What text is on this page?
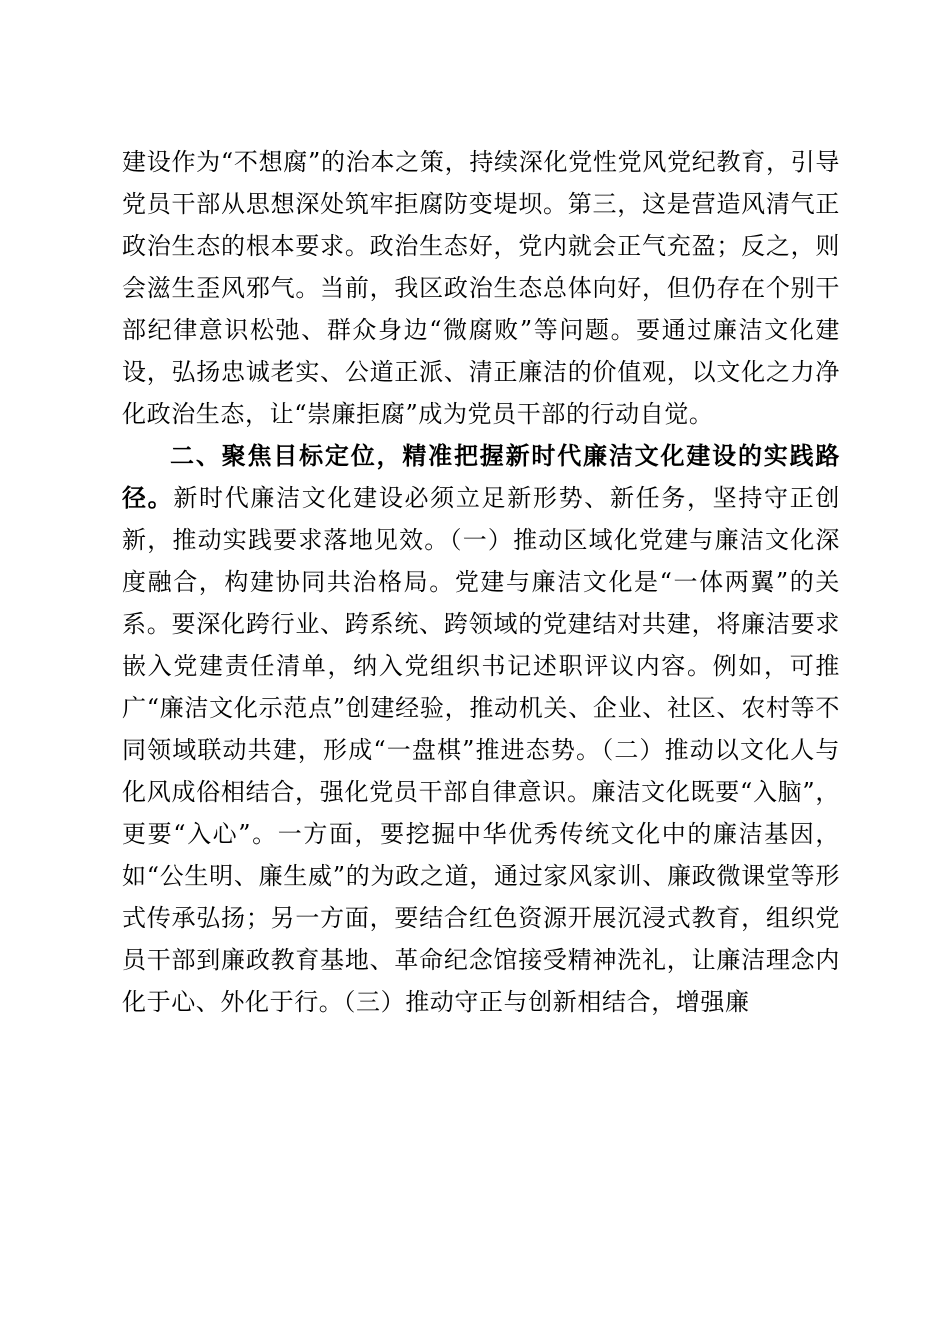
建设作为“不想腐”的治本之策，持续深化党性党风党纪教育，引导党员干部从思想深处筑牢拒腐防变堤坝。第三，这是营造风清气正政治生态的根本要求。政治生态好，党内就会正气充盈；反之，则会滋生歪风邪气。当前，我区政治生态总体向好，但仍存在个别干部纪律意识松弛、群众身边“微腐败”等问题。要通过廉洁文化建设，弘扬忠诚老实、公道正派、清正廉洁的价值观，以文化之力净化政治生态，让“崇廉拒腐”成为党员干部的行动自觉。

二、聚焦目标定位，精准把握新时代廉洁文化建设的实践路径。新时代廉洁文化建设必须立足新形势、新任务，坚持守正创新，推动实践要求落地见效。（一）推动区域化党建与廉洁文化深度融合，构建协同共治格局。党建与廉洁文化是“一体两翼”的关系。要深化跨行业、跨系统、跨领域的党建结对共建，将廉洁要求嵌入党建责任清单，纳入党组织书记述职评议内容。例如，可推广“廉洁文化示范点”创建经验，推动机关、企业、社区、农村等不同领域联动共建，形成“一盘棋”推进态势。（二）推动以文化人与化风成俗相结合，强化党员干部自律意识。廉洁文化既要“入脑”，更要“入心”。一方面，要挖掘中华优秀传统文化中的廉洁基因，如“公生明、廉生威”的为政之道，通过家风家训、廉政微课堂等形式传承弘扬；另一方面，要结合红色资源开展沉浸式教育，组织党员干部到廉政教育基地、革命纪念馆接受精神洗礼，让廉洁理念内化于心、外化于行。（三）推动守正与创新相结合，增强廉
